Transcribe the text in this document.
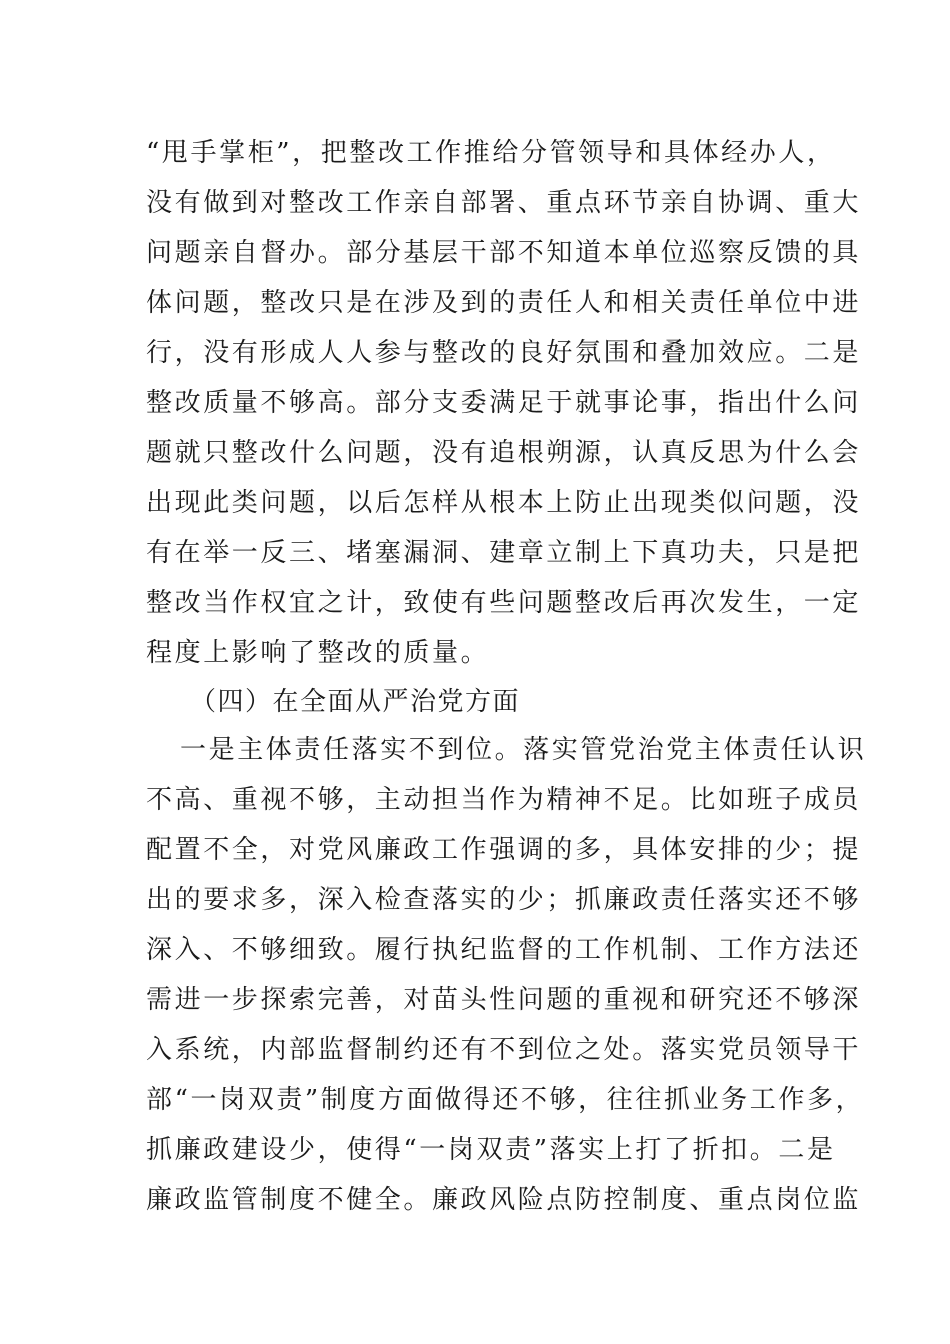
“甩手掌柜”，把整改工作推给分管领导和具体经办人，
没有做到对整改工作亲自部署、重点环节亲自协调、重大
问题亲自督办。部分基层干部不知道本单位巡察反馈的具
体问题，整改只是在涉及到的责任人和相关责任单位中进
行，没有形成人人参与整改的良好氛围和叠加效应。二是
整改质量不够高。部分支委满足于就事论事，指出什么问
题就只整改什么问题，没有追根朔源，认真反思为什么会
出现此类问题，以后怎样从根本上防止出现类似问题，没
有在举一反三、堵塞漏洞、建章立制上下真功夫，只是把
整改当作权宜之计，致使有些问题整改后再次发生，一定
程度上影响了整改的质量。
（四）在全面从严治党方面
一是主体责任落实不到位。落实管党治党主体责任认识
不高、重视不够，主动担当作为精神不足。比如班子成员
配置不全，对党风廉政工作强调的多，具体安排的少；提
出的要求多，深入检查落实的少；抓廉政责任落实还不够
深入、不够细致。履行执纪监督的工作机制、工作方法还
需进一步探索完善，对苗头性问题的重视和研究还不够深
入系统，内部监督制约还有不到位之处。落实党员领导干
部“一岗双责”制度方面做得还不够，往往抓业务工作多，
抓廉政建设少，使得“一岗双责”落实上打了折扣。二是
廉政监管制度不健全。廉政风险点防控制度、重点岗位监
